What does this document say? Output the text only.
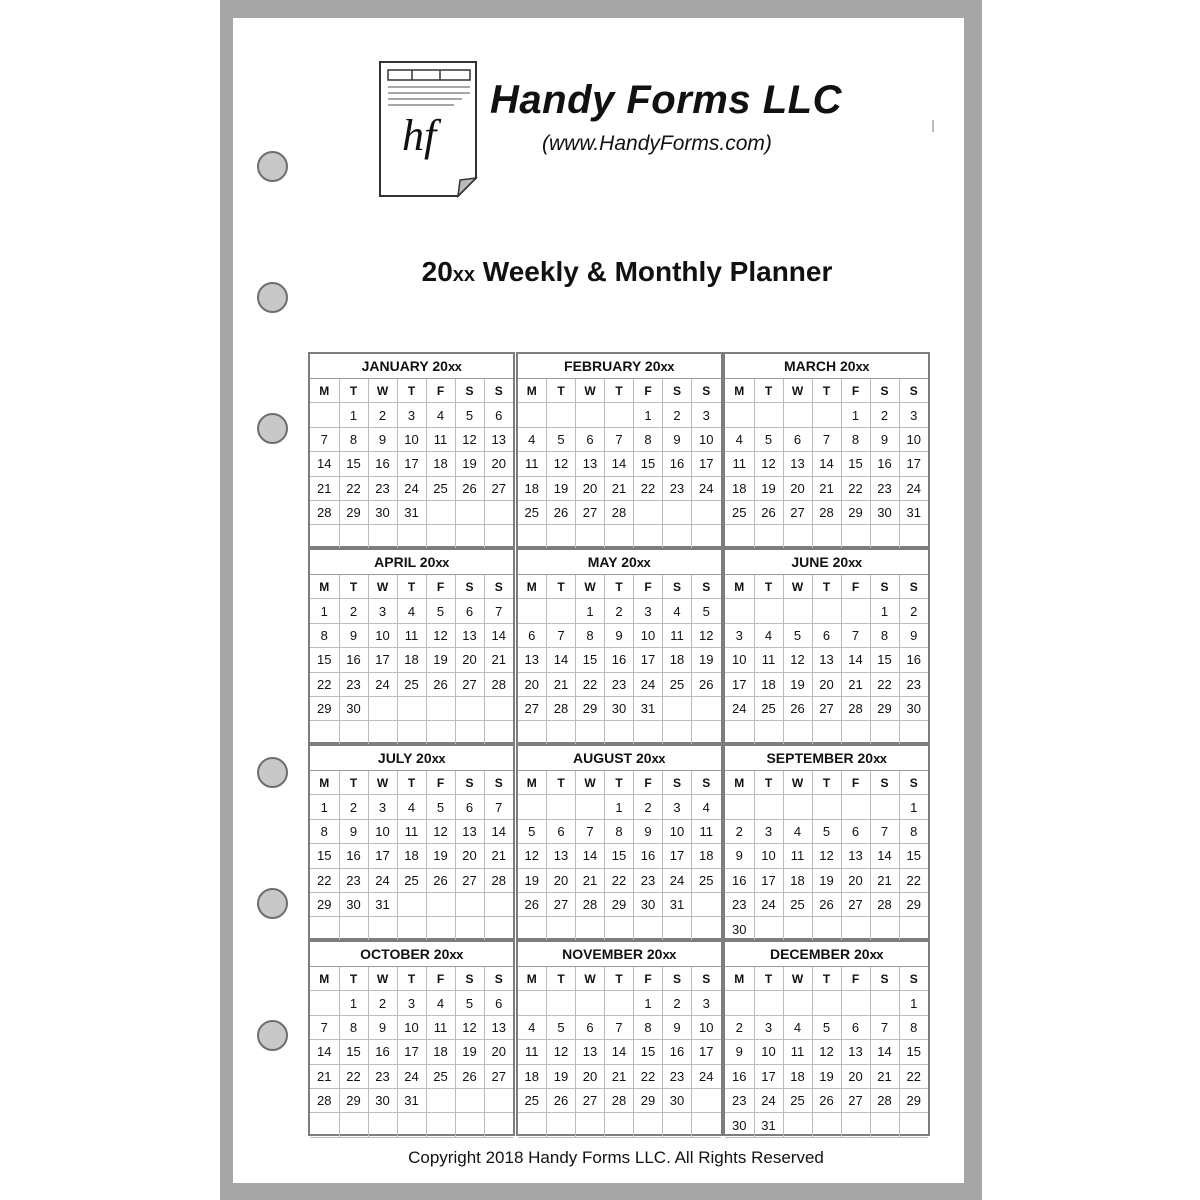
hf
Handy Forms LLC
(www.HandyForms.com)
20xx Weekly & Monthly Planner
JANUARY 20xx
M	T	W	T	F	S	S
	1	2	3	4	5	6
7	8	9	10	11	12	13
14	15	16	17	18	19	20
21	22	23	24	25	26	27
28	29	30	31			

FEBRUARY 20xx
M	T	W	T	F	S	S
				1	2	3
4	5	6	7	8	9	10
11	12	13	14	15	16	17
18	19	20	21	22	23	24
25	26	27	28			

MARCH 20xx
M	T	W	T	F	S	S
				1	2	3
4	5	6	7	8	9	10
11	12	13	14	15	16	17
18	19	20	21	22	23	24
25	26	27	28	29	30	31

APRIL 20xx
M	T	W	T	F	S	S
1	2	3	4	5	6	7
8	9	10	11	12	13	14
15	16	17	18	19	20	21
22	23	24	25	26	27	28
29	30					

MAY 20xx
M	T	W	T	F	S	S
		1	2	3	4	5
6	7	8	9	10	11	12
13	14	15	16	17	18	19
20	21	22	23	24	25	26
27	28	29	30	31		

JUNE 20xx
M	T	W	T	F	S	S
					1	2
3	4	5	6	7	8	9
10	11	12	13	14	15	16
17	18	19	20	21	22	23
24	25	26	27	28	29	30

JULY 20xx
M	T	W	T	F	S	S
1	2	3	4	5	6	7
8	9	10	11	12	13	14
15	16	17	18	19	20	21
22	23	24	25	26	27	28
29	30	31				

AUGUST 20xx
M	T	W	T	F	S	S
			1	2	3	4
5	6	7	8	9	10	11
12	13	14	15	16	17	18
19	20	21	22	23	24	25
26	27	28	29	30	31	

SEPTEMBER 20xx
M	T	W	T	F	S	S
						1
2	3	4	5	6	7	8
9	10	11	12	13	14	15
16	17	18	19	20	21	22
23	24	25	26	27	28	29
30						
OCTOBER 20xx
M	T	W	T	F	S	S
	1	2	3	4	5	6
7	8	9	10	11	12	13
14	15	16	17	18	19	20
21	22	23	24	25	26	27
28	29	30	31			

NOVEMBER 20xx
M	T	W	T	F	S	S
				1	2	3
4	5	6	7	8	9	10
11	12	13	14	15	16	17
18	19	20	21	22	23	24
25	26	27	28	29	30	

DECEMBER 20xx
M	T	W	T	F	S	S
						1
2	3	4	5	6	7	8
9	10	11	12	13	14	15
16	17	18	19	20	21	22
23	24	25	26	27	28	29
30	31					
Copyright 2018 Handy Forms LLC. All Rights Reserved
